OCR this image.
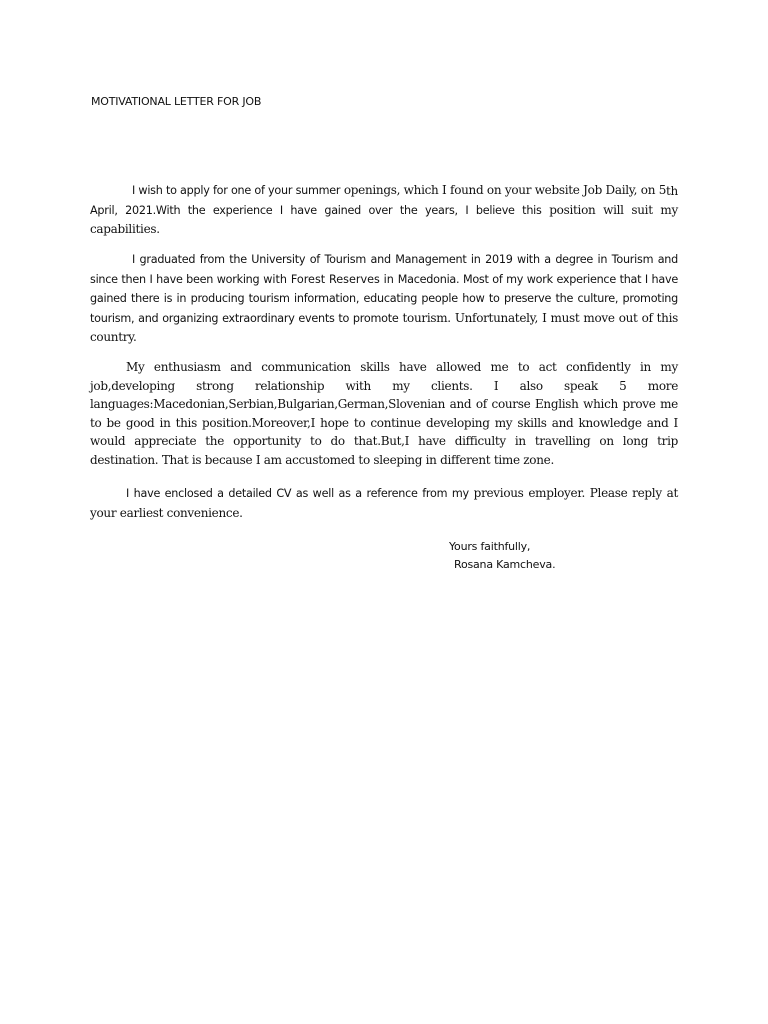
MOTIVATIONAL LETTER FOR JOB
I wish to apply for one of your summer openings, which I found on your website Job Daily, on 5th April, 2021.With the experience I have gained over the years, I believe this position will suit my capabilities.
I graduated from the University of Tourism and Management in 2019 with a degree in Tourism and since then I have been working with Forest Reserves in Macedonia. Most of my work experience that I have gained there is in producing tourism information, educating people how to preserve the culture, promoting tourism, and organizing extraordinary events to promote tourism. Unfortunately, I must move out of this country.
My enthusiasm and communication skills have allowed me to act confidently in my job,developing strong relationship with my clients. I also speak 5 more languages:Macedonian,Serbian,Bulgarian,German,Slovenian and of course English which prove me to be good in this position.Moreover,I hope to continue developing my skills and knowledge and I would appreciate the opportunity to do that.But,I have difficulty in travelling on long trip destination. That is because I am accustomed to sleeping in different time zone.
I have enclosed a detailed CV as well as a reference from my previous employer. Please reply at your earliest convenience.
Yours faithfully,
Rosana Kamcheva.
